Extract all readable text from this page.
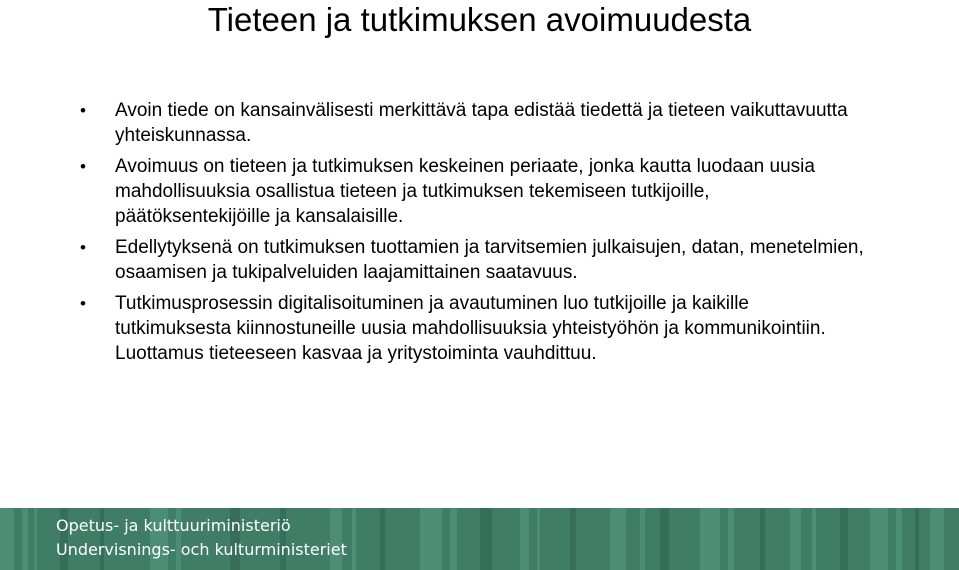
Tieteen ja tutkimuksen avoimuudesta
•	Avoin tiede on kansainvälisesti merkittävä tapa edistää tiedettä ja tieteen vaikuttavuutta yhteiskunnassa.
•	Avoimuus on tieteen ja tutkimuksen keskeinen periaate, jonka kautta luodaan uusia mahdollisuuksia osallistua tieteen ja tutkimuksen tekemiseen tutkijoille, päätöksentekijöille ja kansalaisille.
•	Edellytyksenä on tutkimuksen tuottamien ja tarvitsemien julkaisujen, datan, menetelmien, osaamisen ja tukipalveluiden laajamittainen saatavuus.
•	Tutkimusprosessin digitalisoituminen ja avautuminen luo tutkijoille ja kaikille tutkimuksesta kiinnostuneille uusia mahdollisuuksia yhteistyöhön ja kommunikointiin. Luottamus tieteeseen kasvaa ja yritystoiminta vauhdittuu.
Opetus- ja kulttuuriministeriö
Undervisnings- och kulturministeriet
